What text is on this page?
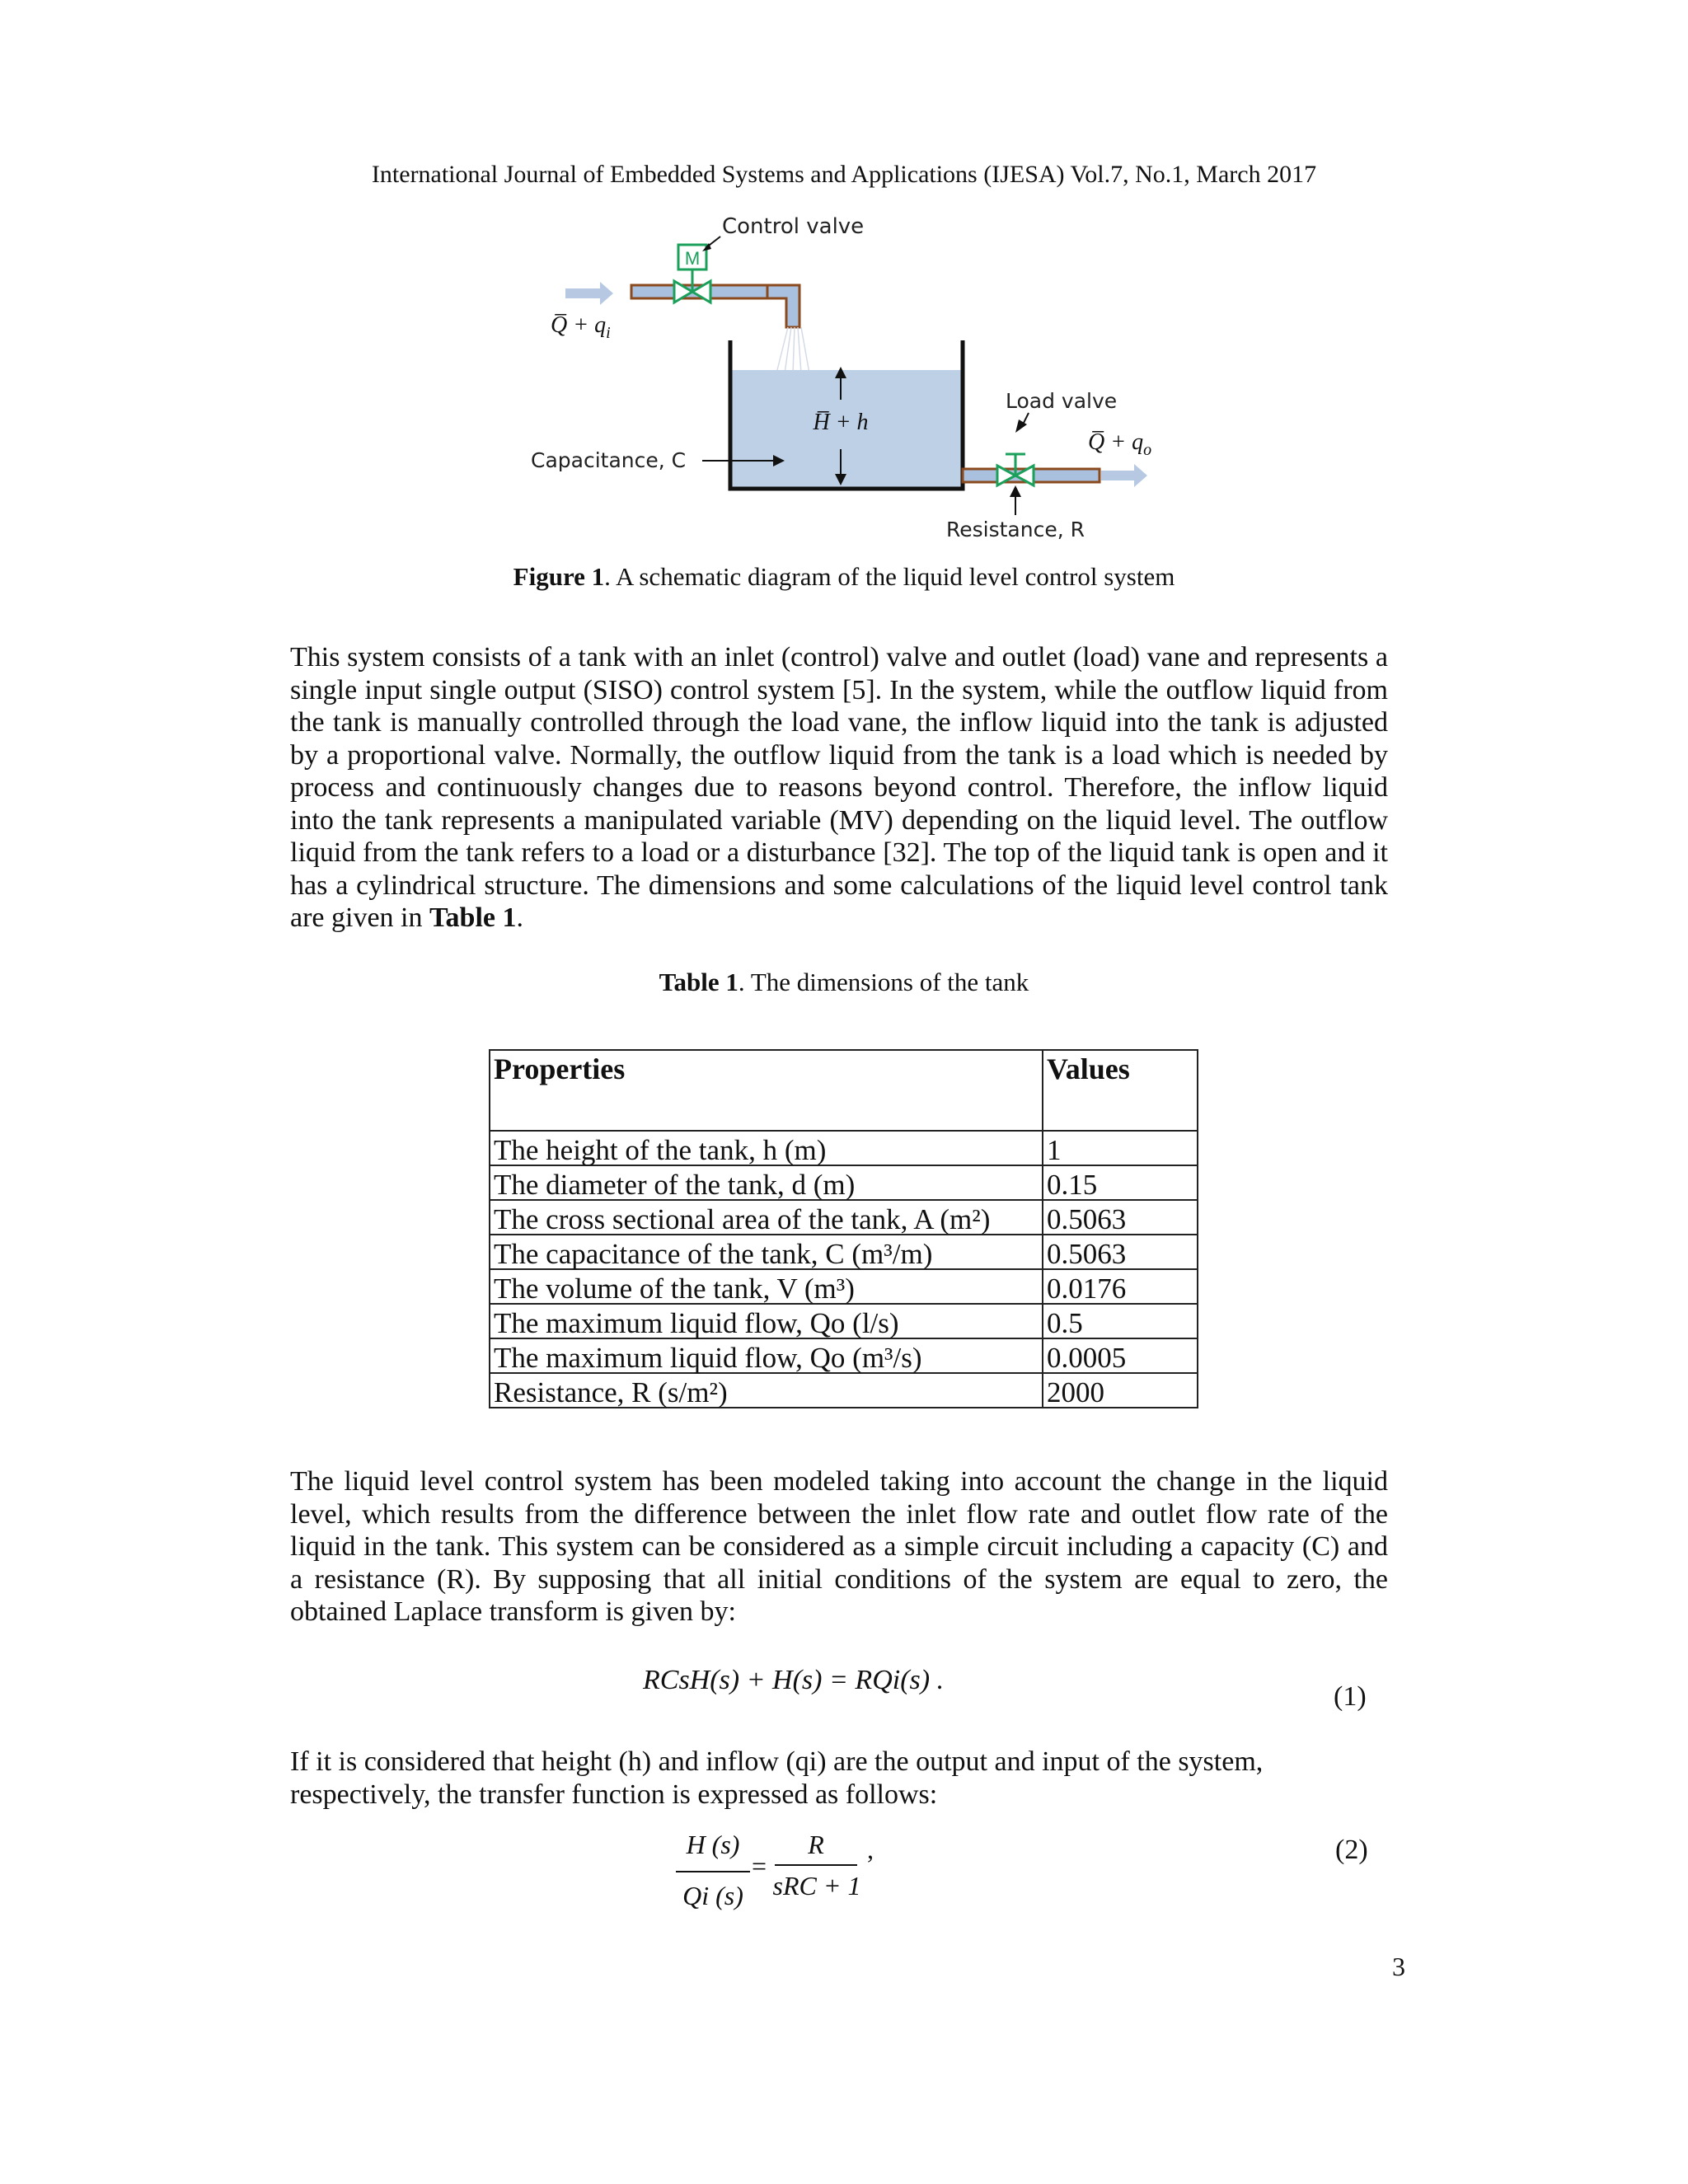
International Journal of Embedded Systems and Applications (IJESA) Vol.7, No.1, March 2017
M
Control valve
Q̅ + $q_i$
H̅ + h
Capacitance, C
Load valve
Q̅ + $q_o$
Resistance, R
Figure 1. A schematic diagram of the liquid level control system
This system consists of a tank with an inlet (control) valve and outlet (load) vane and represents a single input single output (SISO) control system [5]. In the system, while the outflow liquid from the tank is manually controlled through the load vane, the inflow liquid into the tank is adjusted by a proportional valve. Normally, the outflow liquid from the tank is a load which is needed by process and continuously changes due to reasons beyond control. Therefore, the inflow liquid into the tank represents a manipulated variable (MV) depending on the liquid level. The outflow liquid from the tank refers to a load or a disturbance [32]. The top of the liquid tank is open and it has a cylindrical structure. The dimensions and some calculations of the liquid level control tank are given in Table 1.
Table 1. The dimensions of the tank
Properties	Values
The height of the tank, h (m)	1
The diameter of the tank, d (m)	0.15
The cross sectional area of the tank, A (m²)	0.5063
The capacitance of the tank, C (m³/m)	0.5063
The volume of the tank, V (m³)	0.0176
The maximum liquid flow, Qo (l/s)	0.5
The maximum liquid flow, Qo (m³/s)	0.0005
Resistance, R (s/m²)	2000
The liquid level control system has been modeled taking into account the change in the liquid level, which results from the difference between the inlet flow rate and outlet flow rate of the liquid in the tank. This system can be considered as a simple circuit including a capacity (C) and a resistance (R). By supposing that all initial conditions of the system are equal to zero, the obtained Laplace transform is given by:
RCsH(s) + H(s) = RQi(s) .
(1)
If it is considered that height (h) and inflow (qi) are the output and input of the system, respectively, the transfer function is expressed as follows:
H (s)
Qi (s)
=
R
sRC + 1
,	(2)
3
